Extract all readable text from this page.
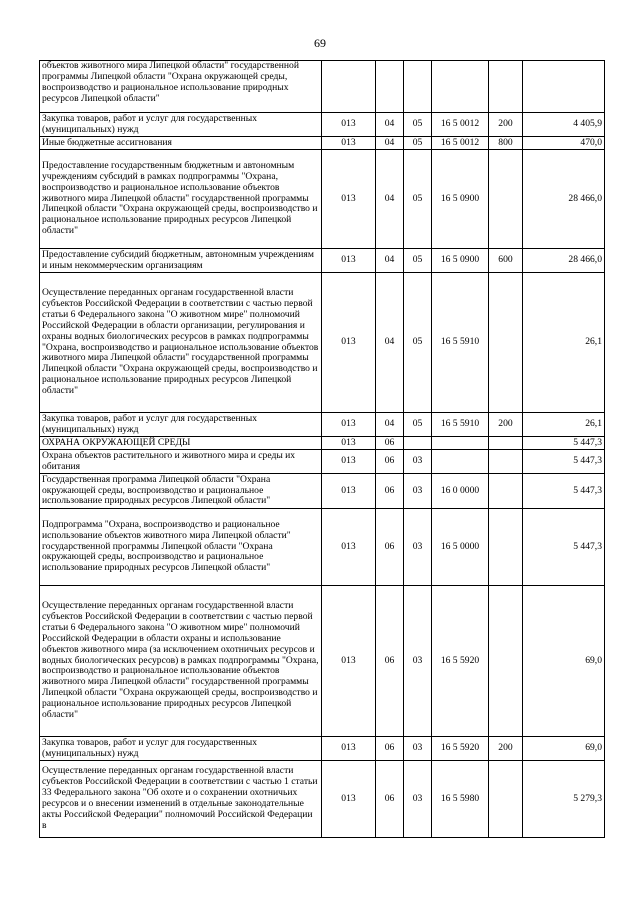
69
объектов животного мира Липецкой области" государственной программы Липецкой области "Охрана окружающей среды, воспроизводство и рациональное использование природных ресурсов Липецкой области"						
Закупка товаров, работ и услуг для государственных (муниципальных) нужд	013	04	05	16 5 0012	200	4 405,9
Иные бюджетные ассигнования	013	04	05	16 5 0012	800	470,0
Предоставление государственным бюджетным и автономным учреждениям субсидий в рамках подпрограммы "Охрана, воспроизводство и рациональное использование объектов животного мира Липецкой области" государственной программы Липецкой области "Охрана окружающей среды, воспроизводство и рациональное использование природных ресурсов Липецкой области"	013	04	05	16 5 0900		28 466,0
Предоставление субсидий бюджетным, автономным учреждениям и иным некоммерческим организациям	013	04	05	16 5 0900	600	28 466,0
Осуществление переданных органам государственной власти субъектов Российской Федерации в соответствии с частью первой статьи 6 Федерального закона "О животном мире" полномочий Российской Федерации в области организации, регулирования и охраны водных биологических ресурсов в рамках подпрограммы "Охрана, воспроизводство и рациональное использование объектов животного мира Липецкой области" государственной программы Липецкой области "Охрана окружающей среды, воспроизводство и рациональное использование природных ресурсов Липецкой области"	013	04	05	16 5 5910		26,1
Закупка товаров, работ и услуг для государственных (муниципальных) нужд	013	04	05	16 5 5910	200	26,1
ОХРАНА ОКРУЖАЮЩЕЙ СРЕДЫ	013	06				5 447,3
Охрана объектов растительного и животного мира и среды их обитания	013	06	03			5 447,3
Государственная программа Липецкой области "Охрана окружающей среды, воспроизводство и рациональное использование природных ресурсов Липецкой области"	013	06	03	16 0 0000		5 447,3
Подпрограмма "Охрана, воспроизводство и рациональное использование объектов животного мира Липецкой области" государственной программы Липецкой области "Охрана окружающей среды, воспроизводство и рациональное использование природных ресурсов Липецкой области"	013	06	03	16 5 0000		5 447,3
Осуществление переданных органам государственной власти субъектов Российской Федерации в соответствии с частью первой статьи 6 Федерального закона "О животном мире" полномочий Российской Федерации в области охраны и использование объектов животного мира (за исключением охотничьих ресурсов и водных биологических ресурсов) в рамках подпрограммы "Охрана, воспроизводство и рациональное использование объектов животного мира Липецкой области" государственной программы Липецкой области "Охрана окружающей среды, воспроизводство и рациональное использование природных ресурсов Липецкой области"	013	06	03	16 5 5920		69,0
Закупка товаров, работ и услуг для государственных (муниципальных) нужд	013	06	03	16 5 5920	200	69,0
Осуществление переданных органам государственной власти субъектов Российской Федерации в соответствии с частью 1 статьи 33 Федерального закона "Об охоте и о сохранении охотничьих ресурсов и о внесении изменений в отдельные законодательные акты Российской Федерации" полномочий Российской Федерации в	013	06	03	16 5 5980		5 279,3
